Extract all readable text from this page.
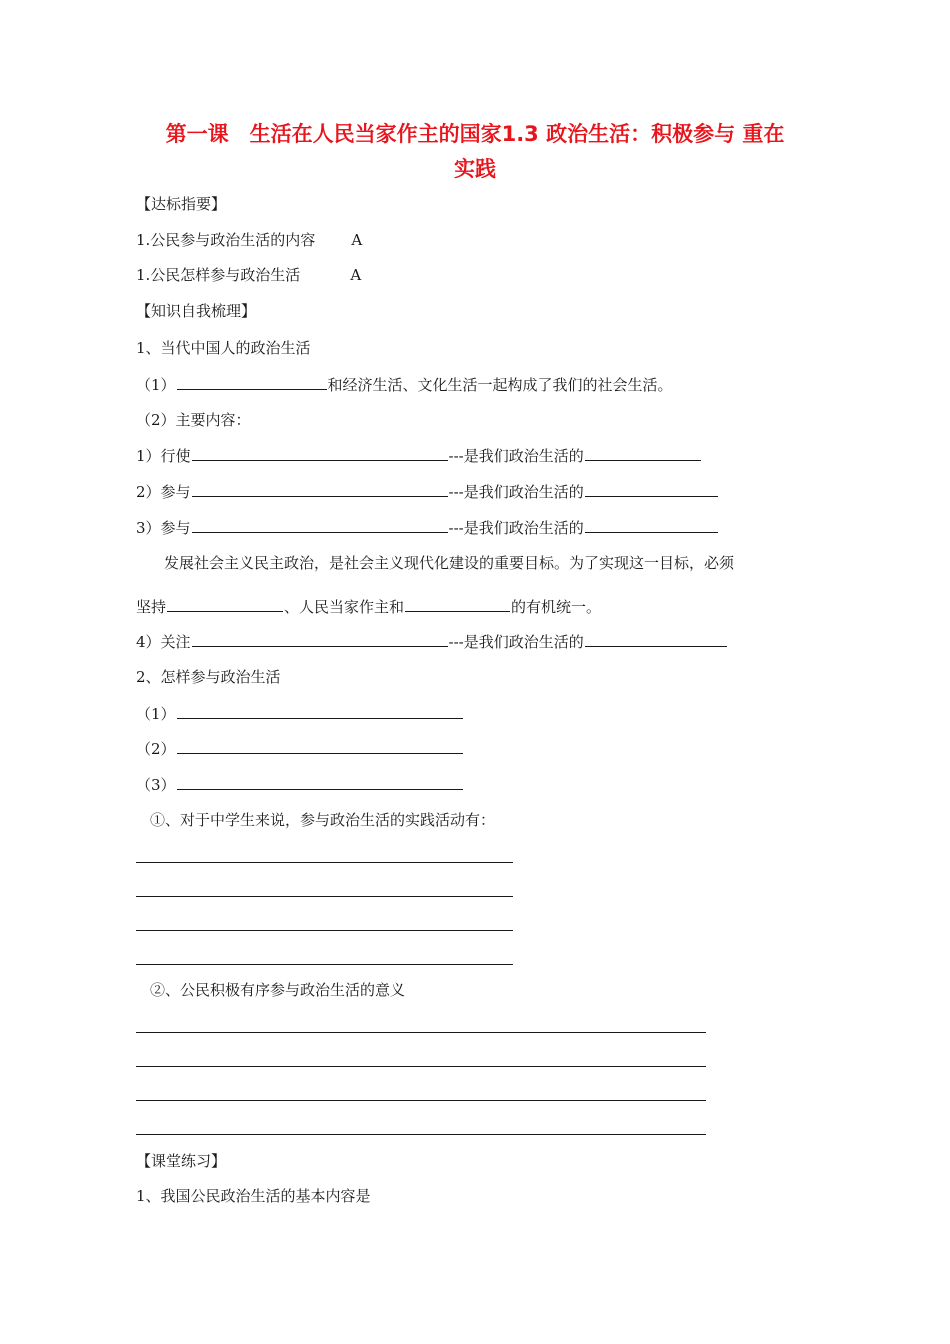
第一课　生活在人民当家作主的国家1.3 政治生活：积极参与 重在
实践
【达标指要】
1.公民参与政治生活的内容 A
1.公民怎样参与政治生活	A
【知识自我梳理】
1、当代中国人的政治生活
（1）	和经济生活、文化生活一起构成了我们的社会生活。
（2）主要内容：
1）行使	---是我们政治生活的
2）参与	---是我们政治生活的
3）参与	---是我们政治生活的
发展社会主义民主政治，是社会主义现代化建设的重要目标。为了实现这一目标，必须
坚持	、人民当家作主和	的有机统一。
4）关注	---是我们政治生活的
2、怎样参与政治生活
（1）
（2）
（3）
①、对于中学生来说，参与政治生活的实践活动有：
②、公民积极有序参与政治生活的意义
【课堂练习】
1、我国公民政治生活的基本内容是
